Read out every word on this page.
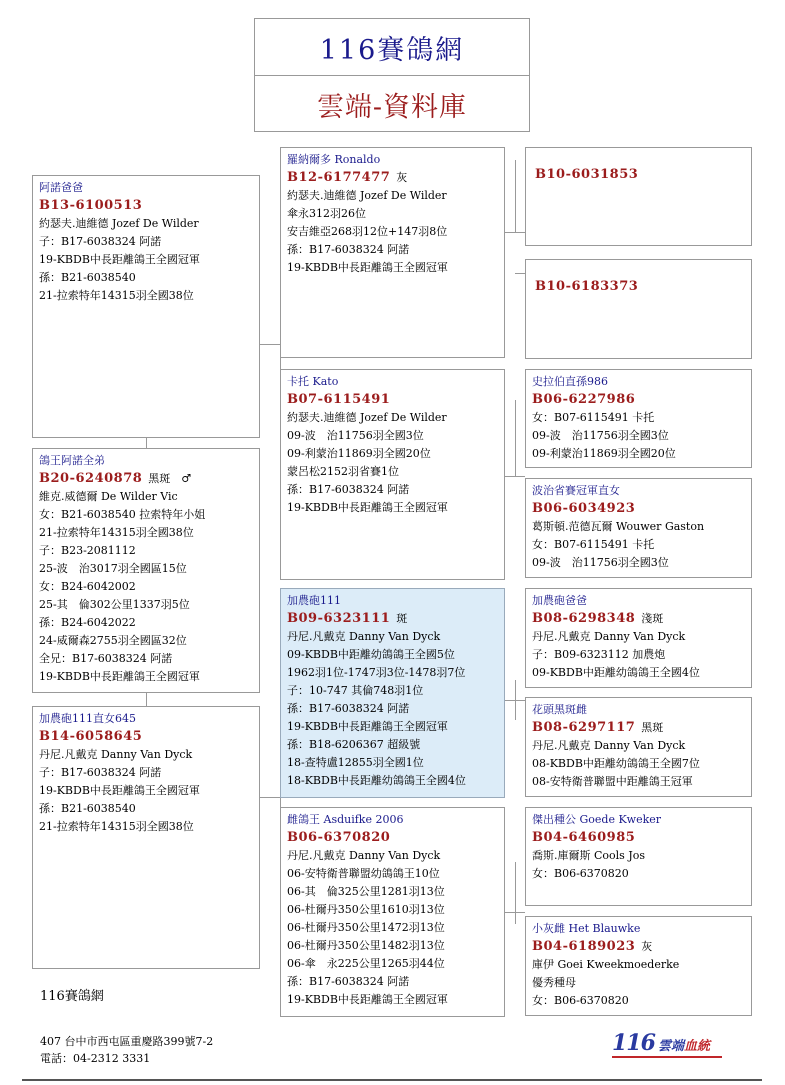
116賽鴿網
雲端-資料庫
阿諾爸爸
B13-6100513
約瑟夫.迪維德 Jozef De Wilder
子：B17-6038324 阿諾
19-KBDB中長距離鴿王全國冠軍
孫：B21-6038540
21-拉索特年14315羽全國38位
鴿王阿諾全弟
B20-6240878 黑斑　♂
維克.威德爾 De Wilder Vic
女：B21-6038540 拉索特年小姐
21-拉索特年14315羽全國38位
子：B23-2081112
25-波　治3017羽全國區15位
女：B24-6042002
25-其　倫302公里1337羽5位
孫：B24-6042022
24-威爾森2755羽全國區32位
全兄：B17-6038324 阿諾
19-KBDB中長距離鴿王全國冠軍
加農砲111直女645
B14-6058645
丹尼.凡戴克 Danny Van Dyck
子：B17-6038324 阿諾
19-KBDB中長距離鴿王全國冠軍
孫：B21-6038540
21-拉索特年14315羽全國38位
羅納爾多 Ronaldo
B12-6177477 灰
約瑟夫.迪維德 Jozef De Wilder
傘永312羽26位
安吉維亞268羽12位+147羽8位
孫：B17-6038324 阿諾
19-KBDB中長距離鴿王全國冠軍
卡托 Kato
B07-6115491
約瑟夫.迪維德 Jozef De Wilder
09-波　治11756羽全國3位
09-利蒙治11869羽全國20位
蒙呂松2152羽省賽1位
孫：B17-6038324 阿諾
19-KBDB中長距離鴿王全國冠軍
加農砲111
B09-6323111 斑
丹尼.凡戴克 Danny Van Dyck
09-KBDB中距離幼鴿鴿王全國5位
1962羽1位-1747羽3位-1478羽7位
子：10-747 其倫748羽1位
孫：B17-6038324 阿諾
19-KBDB中長距離鴿王全國冠軍
孫：B18-6206367 超級號
18-查特盧12855羽全國1位
18-KBDB中長距離幼鴿鴿王全國4位
雌鴿王 Asduifke 2006
B06-6370820
丹尼.凡戴克 Danny Van Dyck
06-安特衛普聯盟幼鴿鴿王10位
06-其　倫325公里1281羽13位
06-杜爾丹350公里1610羽13位
06-杜爾丹350公里1472羽13位
06-杜爾丹350公里1482羽13位
06-傘　永225公里1265羽44位
孫：B17-6038324 阿諾
19-KBDB中長距離鴿王全國冠軍
B10-6031853
B10-6183373
史拉伯直孫986
B06-6227986
女：B07-6115491 卡托
09-波　治11756羽全國3位
09-利蒙治11869羽全國20位
波治省賽冠軍直女
B06-6034923
葛斯頓.范德瓦爾 Wouwer Gaston
女：B07-6115491 卡托
09-波　治11756羽全國3位
加農砲爸爸
B08-6298348 淺斑
丹尼.凡戴克 Danny Van Dyck
子：B09-6323112 加農炮
09-KBDB中距離幼鴿鴿王全國4位
花頭黑斑雌
B08-6297117 黑斑
丹尼.凡戴克 Danny Van Dyck
08-KBDB中距離幼鴿鴿王全國7位
08-安特衛普聯盟中距離鴿王冠軍
傑出種公 Goede Kweker
B04-6460985
喬斯.庫爾斯 Cools Jos
女：B06-6370820
小灰雌 Het Blauwke
B04-6189023 灰
庫伊 Goei Kweekmoederke
優秀種母
女：B06-6370820
116賽鴿網
407 台中市西屯區重慶路399號7-2
電話：04-2312 3331
116 雲端 血統
